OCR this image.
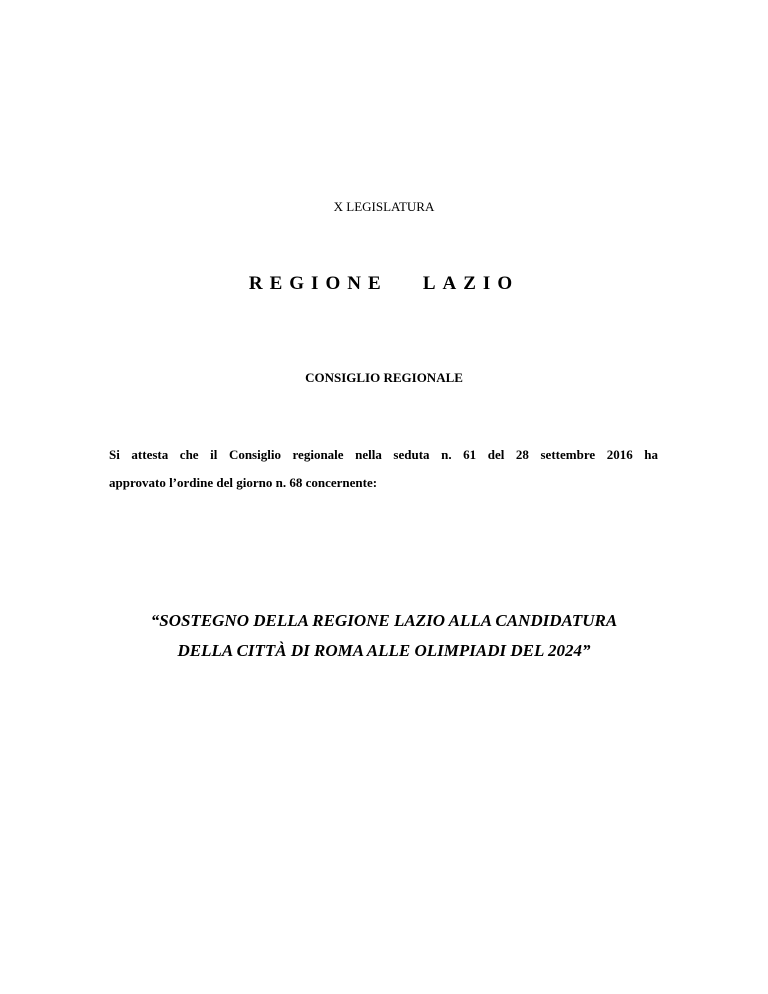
X LEGISLATURA
REGIONE   LAZIO
CONSIGLIO REGIONALE

Si attesta che il Consiglio regionale nella seduta n. 61 del 28 settembre 2016 ha
approvato l’ordine del giorno n. 68 concernente:

“SOSTEGNO DELLA REGIONE LAZIO ALLA CANDIDATURA
DELLA CITTÀ DI ROMA ALLE OLIMPIADI DEL 2024”
